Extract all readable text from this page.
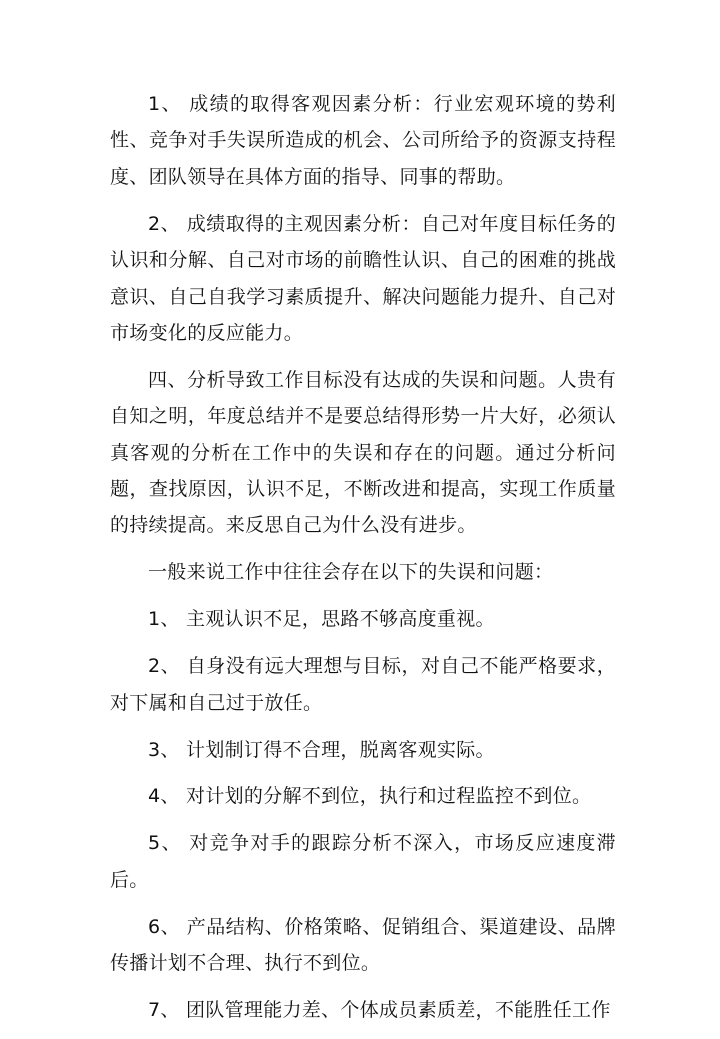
1、 成绩的取得客观因素分析：行业宏观环境的势利性、竞争对手失误所造成的机会、公司所给予的资源支持程度、团队领导在具体方面的指导、同事的帮助。

2、 成绩取得的主观因素分析：自己对年度目标任务的认识和分解、自己对市场的前瞻性认识、自己的困难的挑战意识、自己自我学习素质提升、解决问题能力提升、自己对市场变化的反应能力。

四、分析导致工作目标没有达成的失误和问题。人贵有自知之明，年度总结并不是要总结得形势一片大好，必须认真客观的分析在工作中的失误和存在的问题。通过分析问题，查找原因，认识不足，不断改进和提高，实现工作质量的持续提高。来反思自己为什么没有进步。

一般来说工作中往往会存在以下的失误和问题：

1、 主观认识不足，思路不够高度重视。

2、 自身没有远大理想与目标，对自己不能严格要求，对下属和自己过于放任。

3、 计划制订得不合理，脱离客观实际。

4、 对计划的分解不到位，执行和过程监控不到位。

5、 对竞争对手的跟踪分析不深入，市场反应速度滞后。

6、 产品结构、价格策略、促销组合、渠道建设、品牌传播计划不合理、执行不到位。

7、 团队管理能力差、个体成员素质差，不能胜任工作
